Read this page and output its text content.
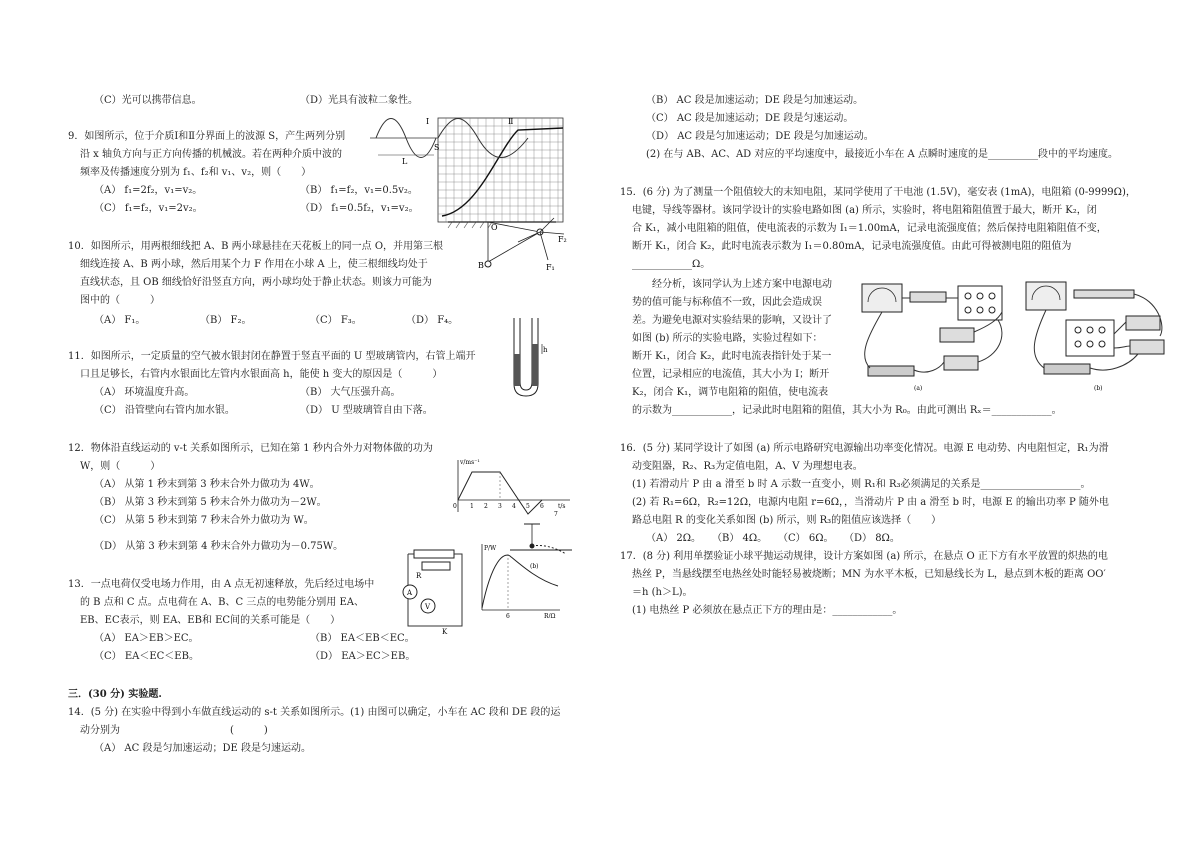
（C）光可以携带信息。	（D）光具有波粒二象性。
9．如图所示，位于介质Ⅰ和Ⅱ分界面上的波源 S，产生两列分别
沿 x 轴负方向与正方向传播的机械波。若在两种介质中波的
频率及传播速度分别为 f₁、f₂和 v₁、v₂，则（　　）
（A） f₁=2f₂，v₁=v₂。	（B） f₁=f₂，v₁=0.5v₂。
（C） f₁=f₂，v₁=2v₂。	（D） f₁=0.5f₂，v₁=v₂。
10．如图所示，用两根细线把 A、B 两小球悬挂在天花板上的同一点 O，并用第三根
细线连接 A、B 两小球，然后用某个力 F 作用在小球 A 上，使三根细线均处于
直线状态，且 OB 细线恰好沿竖直方向，两小球均处于静止状态。则该力可能为
图中的（　　　）
（A） F₁。	（B） F₂。	（C） F₃。	（D） F₄。
11．如图所示，一定质量的空气被水银封闭在静置于竖直平面的 U 型玻璃管内，右管上端开
口且足够长，右管内水银面比左管内水银面高 h，能使 h 变大的原因是（　　　）
（A） 环境温度升高。	（B） 大气压强升高。
（C） 沿管壁向右管内加水银。	（D） U 型玻璃管自由下落。
12．物体沿直线运动的 v-t 关系如图所示，已知在第 1 秒内合外力对物体做的功为
W，则（　　　）
（A） 从第 1 秒末到第 3 秒末合外力做功为 4W。
（B） 从第 3 秒末到第 5 秒末合外力做功为－2W。
（C） 从第 5 秒末到第 7 秒末合外力做功为 W。
（D） 从第 3 秒末到第 4 秒末合外力做功为－0.75W。
13．一点电荷仅受电场力作用，由 A 点无初速释放，先后经过电场中
的 B 点和 C 点。点电荷在 A、B、C 三点的电势能分别用 EA、
EB、EC表示，则 EA、EB和 EC间的关系可能是（　　）
（A） EA＞EB＞EC。	（B） EA＜EB＜EC。
（C） EA＜EC＜EB。	（D） EA＞EC＞EB。
三．(30 分) 实验题.
14．(5 分) 在实验中得到小车做直线运动的 s-t 关系如图所示。(1) 由图可以确定，小车在 AC 段和 DE 段的运
动分别为　　　　　　　　　　　(　　　)
（A） AC 段是匀加速运动；DE 段是匀速运动。
Ⅰ	Ⅱ
L
S
O
B	F₁
F₂
h
v/ms⁻¹
t/s
0 1 2 3 4 5 6
7
A
V
R
K
P/W
R/Ω
6
(b)
（B） AC 段是加速运动；DE 段是匀加速运动。
（C） AC 段是加速运动；DE 段是匀速运动。
（D） AC 段是匀加速运动；DE 段是匀加速运动。
(2) 在与 AB、AC、AD 对应的平均速度中，最接近小车在 A 点瞬时速度的是__________段中的平均速度。
15．(6 分) 为了测量一个阻值较大的末知电阻，某同学使用了干电池 (1.5V)，毫安表 (1mA)，电阻箱 (0-9999Ω)，
电键，导线等器材。该同学设计的实验电路如图 (a) 所示，实验时，将电阻箱阻值置于最大，断开 K₂，闭
合 K₁，减小电阻箱的阻值，使电流表的示数为 I₁＝1.00mA，记录电流强度值；然后保持电阻箱阻值不变，
断开 K₁，闭合 K₂，此时电流表示数为 I₁＝0.80mA，记录电流强度值。由此可得被测电阻的阻值为
____________Ω。
经分析，该同学认为上述方案中电源电动
势的值可能与标称值不一致，因此会造成误
差。为避免电源对实验结果的影响，又设计了
如图 (b) 所示的实验电路，实验过程如下：
断开 K₁，闭合 K₂，此时电流表指针处于某一
位置，记录相应的电流值，其大小为 I；断开
K₂，闭合 K₁，调节电阻箱的阻值，使电流表
的示数为____________，记录此时电阻箱的阻值，其大小为 R₀。由此可测出 Rₓ＝____________。
16．(5 分) 某同学设计了如图 (a) 所示电路研究电源输出功率变化情况。电源 E 电动势、内电阻恒定，R₁为滑
动变阻器，R₂、R₃为定值电阻，A、V 为理想电表。
(1) 若滑动片 P 由 a 滑至 b 时 A 示数一直变小，则 R₁和 R₃必须满足的关系是____________________。
(2) 若 R₁=6Ω，R₂=12Ω，电源内电阻 r=6Ω，，当滑动片 P 由 a 滑至 b 时，电源 E 的输出功率 P 随外电
路总电阻 R 的变化关系如图 (b) 所示，则 R₃的阻值应该选择（　　）
（A） 2Ω。 （B） 4Ω。 （C） 6Ω。 （D） 8Ω。
17．(8 分) 利用单摆验证小球平抛运动规律，设计方案如图 (a) 所示，在悬点 O 正下方有水平放置的炽热的电
热丝 P，当悬线摆至电热丝处时能轻易被烧断；MN 为水平木板，已知悬线长为 L，悬点到木板的距离 OO′
＝h (h＞L)。
(1) 电热丝 P 必须放在悬点正下方的理由是：____________。
(a)	(b)
